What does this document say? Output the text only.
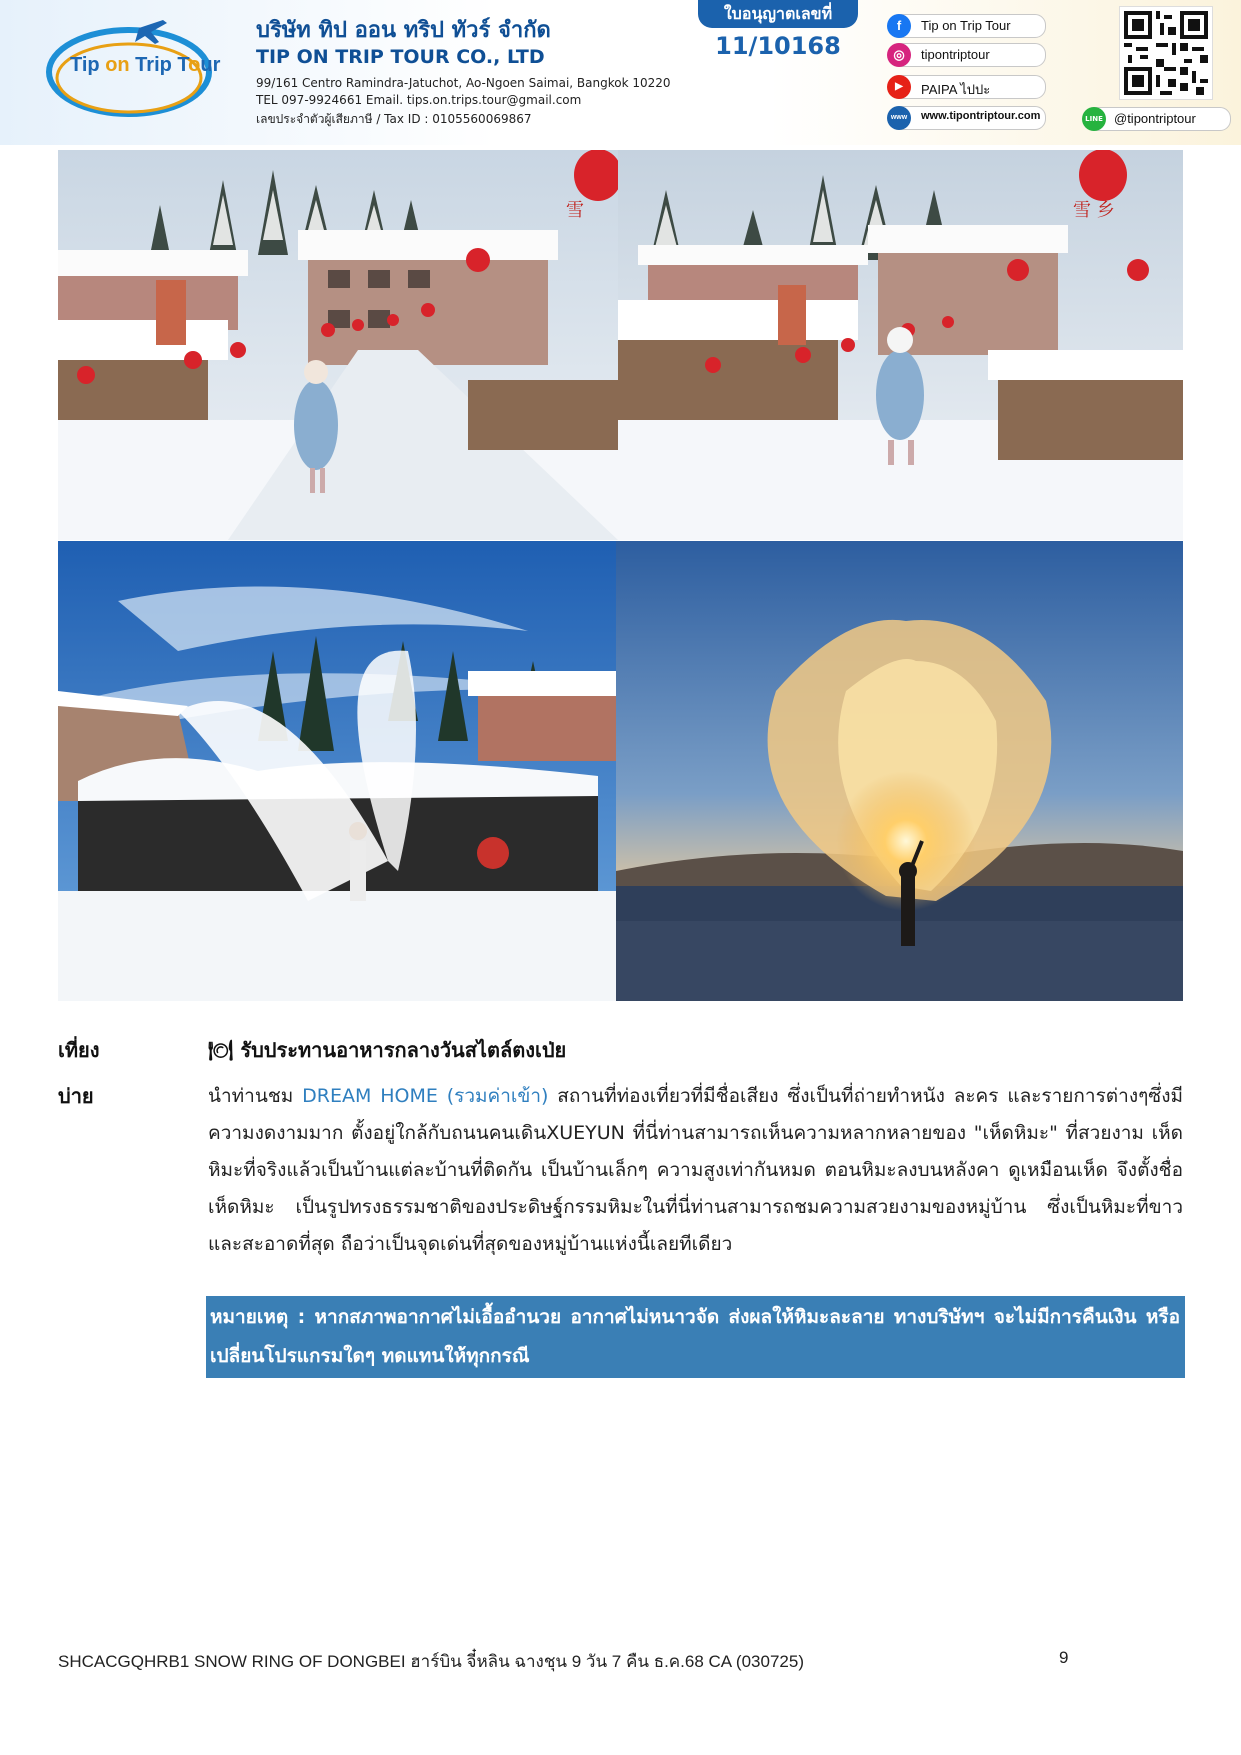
Tip on Trip Tour
บริษัท ทิป ออน ทริป ทัวร์ จำกัด
TIP ON TRIP TOUR CO., LTD
99/161 Centro Ramindra-Jatuchot, Ao-Ngoen Saimai, Bangkok 10220
TEL 097-9924661 Email. tips.on.trips.tour@gmail.com
เลขประจำตัวผู้เสียภาษี / Tax ID : 0105560069867
ใบอนุญาตเลขที่
11/10168
f	Tip on Trip Tour
◎	tipontriptour
▶	PAIPA ไปปะ
www	www.tipontriptour.com	LINE @tipontriptour
雪	雪 乡
เที่ยง	🍽 รับประทานอาหารกลางวันสไตล์ตงเป่ย
บ่าย	นำท่านชม DREAM HOME (รวมค่าเข้า) สถานที่ท่องเที่ยวที่มีชื่อเสียง ซึ่งเป็นที่ถ่ายทำหนัง ละคร และรายการต่างๆซึ่งมีความงดงามมาก ตั้งอยู่ใกล้กับถนนคนเดินXUEYUN ที่นี่ท่านสามารถเห็นความหลากหลายของ "เห็ดหิมะ" ที่สวยงาม เห็ดหิมะที่จริงแล้วเป็นบ้านแต่ละบ้านที่ติดกัน เป็นบ้านเล็กๆ ความสูงเท่ากันหมด ตอนหิมะลงบนหลังคา ดูเหมือนเห็ด จึงตั้งชื่อเห็ดหิมะ เป็นรูปทรงธรรมชาติของประดิษฐ์กรรมหิมะในที่นี่ท่านสามารถชมความสวยงามของหมู่บ้าน ซึ่งเป็นหิมะที่ขาวและสะอาดที่สุด ถือว่าเป็นจุดเด่นที่สุดของหมู่บ้านแห่งนี้เลยทีเดียว
หมายเหตุ : หากสภาพอากาศไม่เอื้ออำนวย อากาศไม่หนาวจัด ส่งผลให้หิมะละลาย ทางบริษัทฯ จะไม่มีการคืนเงิน หรือเปลี่ยนโปรแกรมใดๆ ทดแทนให้ทุกกรณี
SHCACGQHRB1 SNOW RING OF DONGBEI ฮาร์บิน จี๋หลิน ฉางชุน 9 วัน 7 คืน ธ.ค.68 CA (030725)	9
